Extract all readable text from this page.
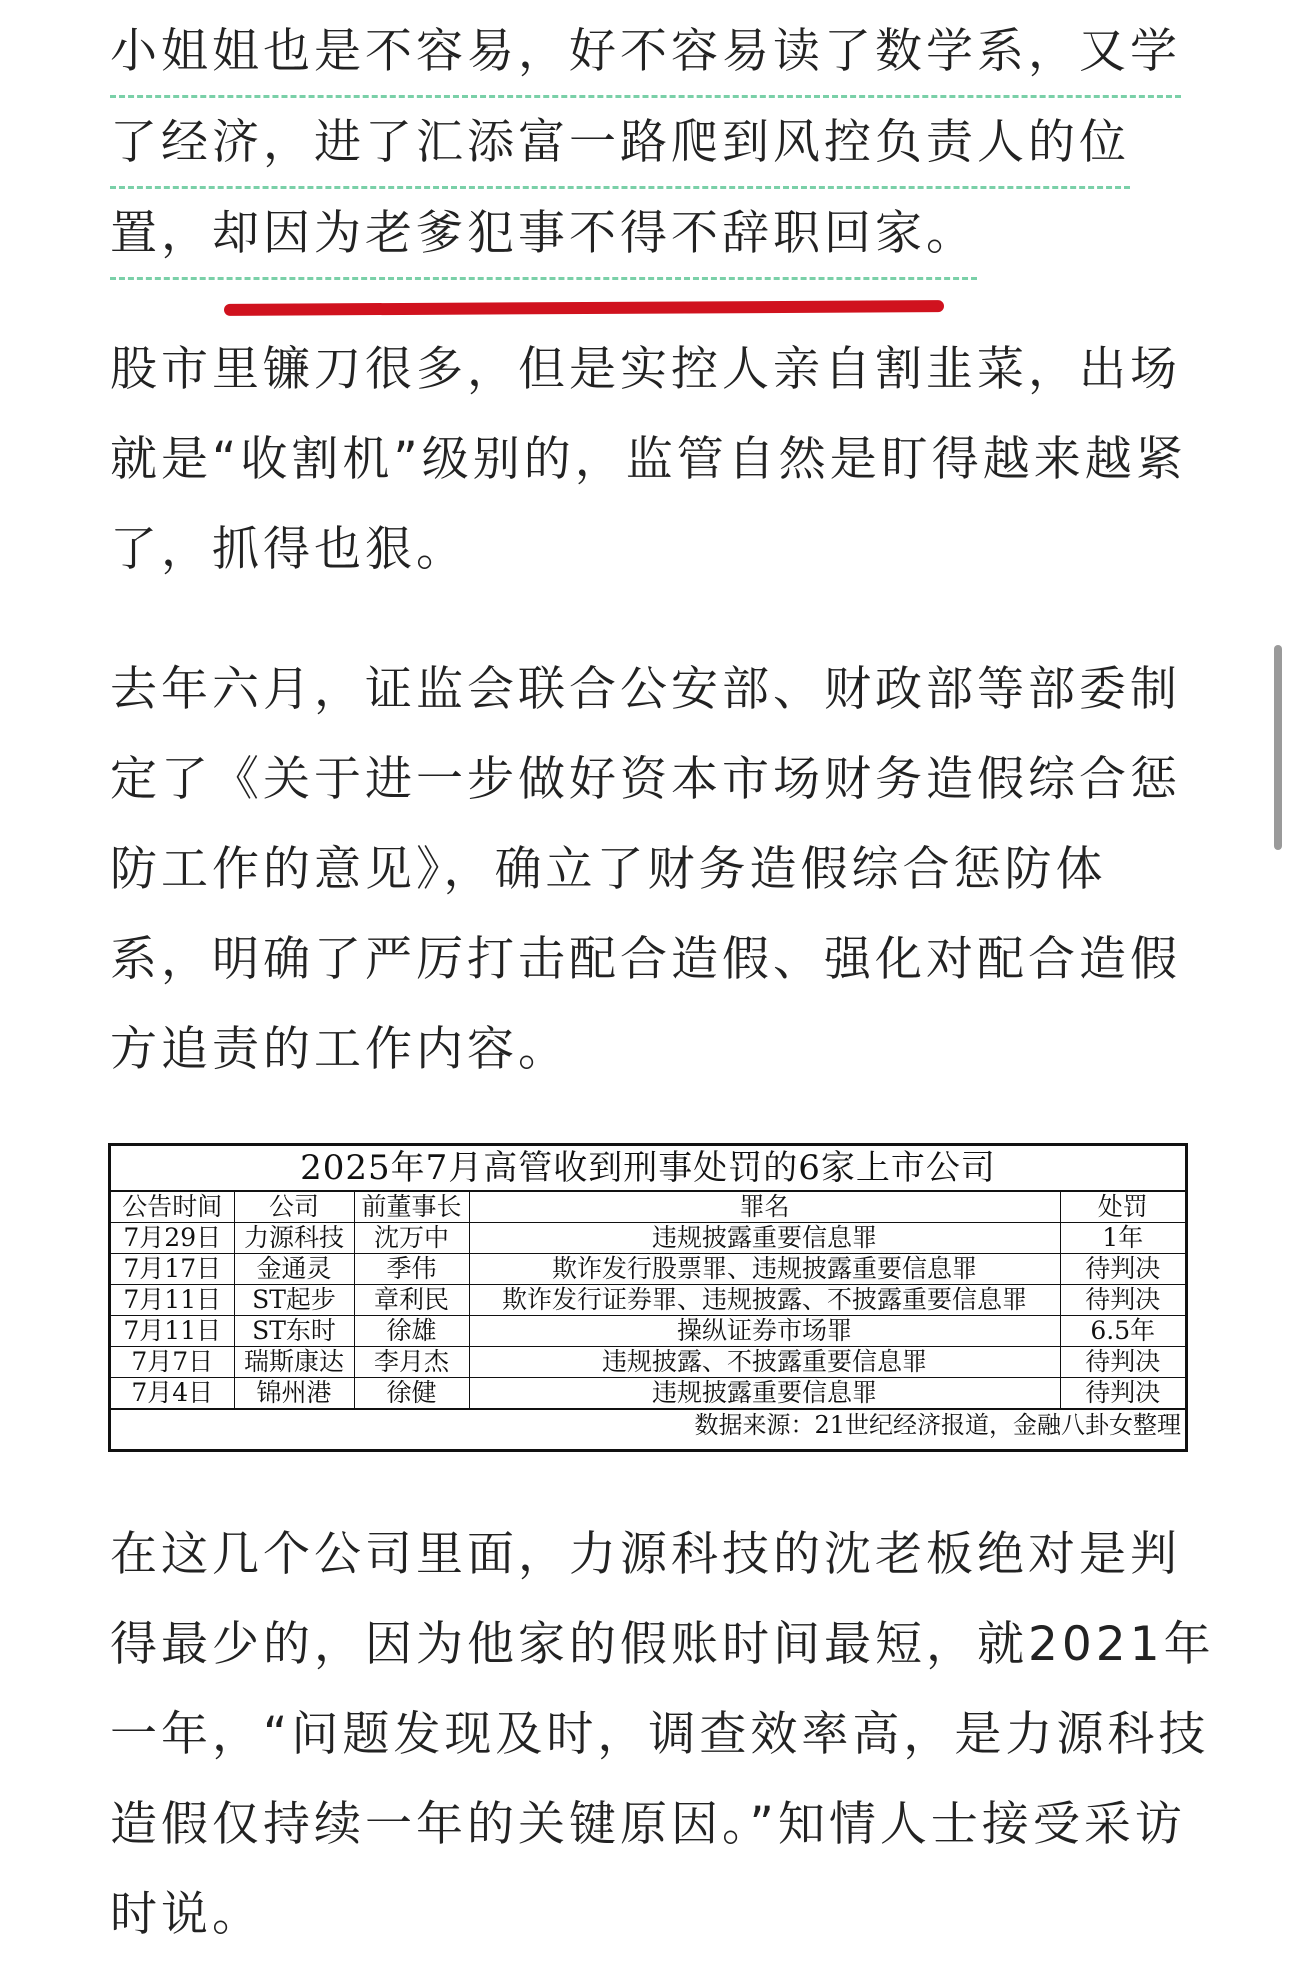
小姐姐也是不容易，好不容易读了数学系，又学
了经济，进了汇添富一路爬到风控负责人的位
置，却因为老爹犯事不得不辞职回家。

股市里镰刀很多，但是实控人亲自割韭菜，出场
就是“收割机”级别的，监管自然是盯得越来越紧
了，抓得也狠。

去年六月，证监会联合公安部、财政部等部委制
定了《关于进一步做好资本市场财务造假综合惩
防工作的意见》，确立了财务造假综合惩防体
系，明确了严厉打击配合造假、强化对配合造假
方追责的工作内容。

在这几个公司里面，力源科技的沈老板绝对是判
得最少的，因为他家的假账时间最短，就2021年
一年，“问题发现及时，调查效率高，是力源科技
造假仅持续一年的关键原因。”知情人士接受采访
时说。

2025年7月高管收到刑事处罚的6家上市公司
公告时间	公司	前董事长	罪名	处罚
7月29日	力源科技	沈万中	违规披露重要信息罪	1年
7月17日	金通灵	季伟	欺诈发行股票罪、违规披露重要信息罪	待判决
7月11日	ST起步	章利民	欺诈发行证券罪、违规披露、不披露重要信息罪	待判决
7月11日	ST东时	徐雄	操纵证券市场罪	6.5年
7月7日	瑞斯康达	李月杰	违规披露、不披露重要信息罪	待判决
7月4日	锦州港	徐健	违规披露重要信息罪	待判决
数据来源：21世纪经济报道，金融八卦女整理
